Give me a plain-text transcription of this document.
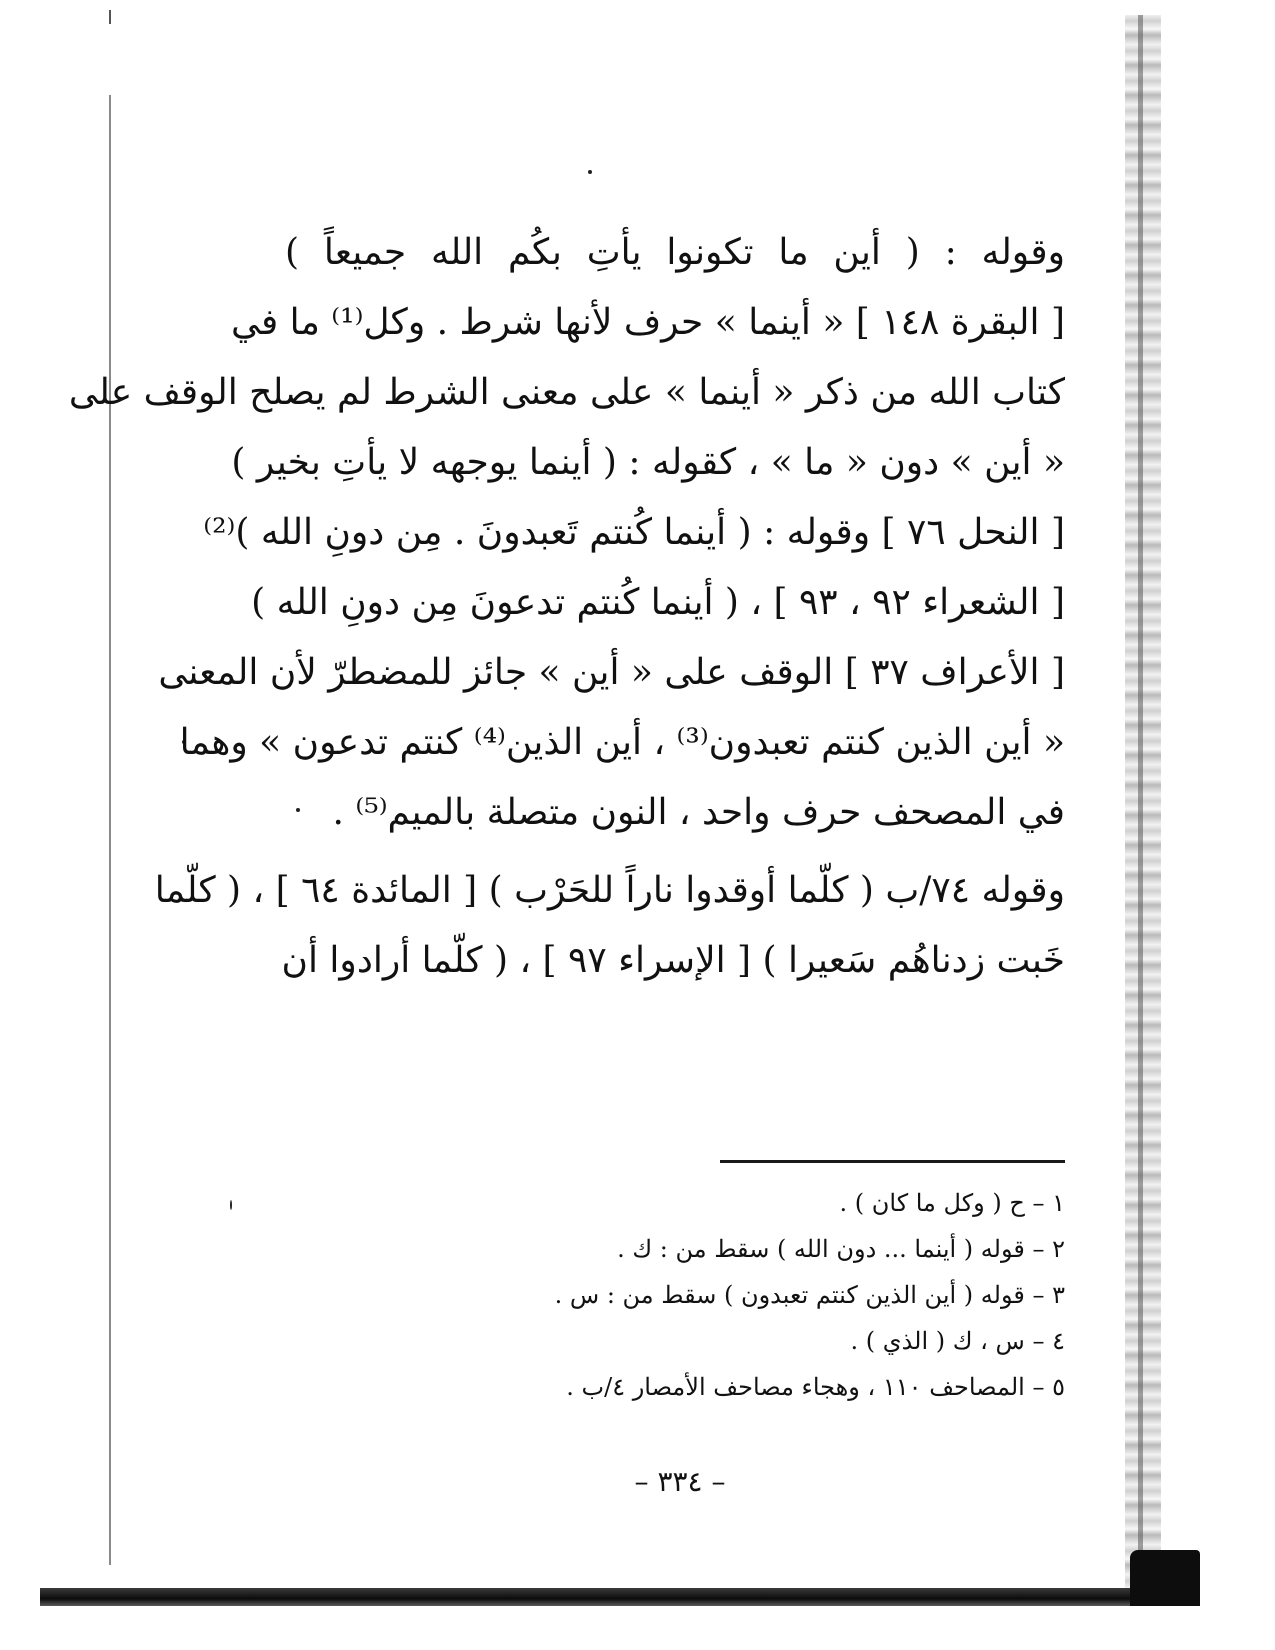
وقوله : ( أين ما تكونوا يأتِ بكُم الله جميعاً )
[ البقرة ١٤٨ ] « أينما » حرف لأنها شرط . وكل⁽¹⁾ ما في
كتاب الله من ذكر « أينما » على معنى الشرط لم يصلح الوقف على
« أين » دون « ما » ، كقوله : ( أينما يوجهه لا يأتِ بخير )
[ النحل ٧٦ ] وقوله : ( أينما كُنتم تَعبدونَ . مِن دونِ الله )⁽²⁾
[ الشعراء ٩٢ ، ٩٣ ] ، ( أينما كُنتم تدعونَ مِن دونِ الله )
[ الأعراف ٣٧ ] الوقف على « أين » جائز للمضطرّ لأن المعنى
« أين الذين كنتم تعبدون⁽³⁾ ، أين الذين⁽⁴⁾ كنتم تدعون » وهما
في المصحف حرف واحد ، النون متصلة بالميم⁽⁵⁾ .
وقوله ٧٤/ب ( كلّما أوقدوا ناراً للحَرْب ) [ المائدة ٦٤ ] ، ( كلّما
خَبت زدناهُم سَعيرا ) [ الإسراء ٩٧ ] ، ( كلّما أرادوا أن
١ – ح ( وكل ما كان ) .
٢ – قوله ( أينما ... دون الله ) سقط من : ك .
٣ – قوله ( أين الذين كنتم تعبدون ) سقط من : س .
٤ – س ، ك ( الذي ) .
٥ – المصاحف ١١٠ ، وهجاء مصاحف الأمصار ٤/ب .
– ٣٣٤ –
